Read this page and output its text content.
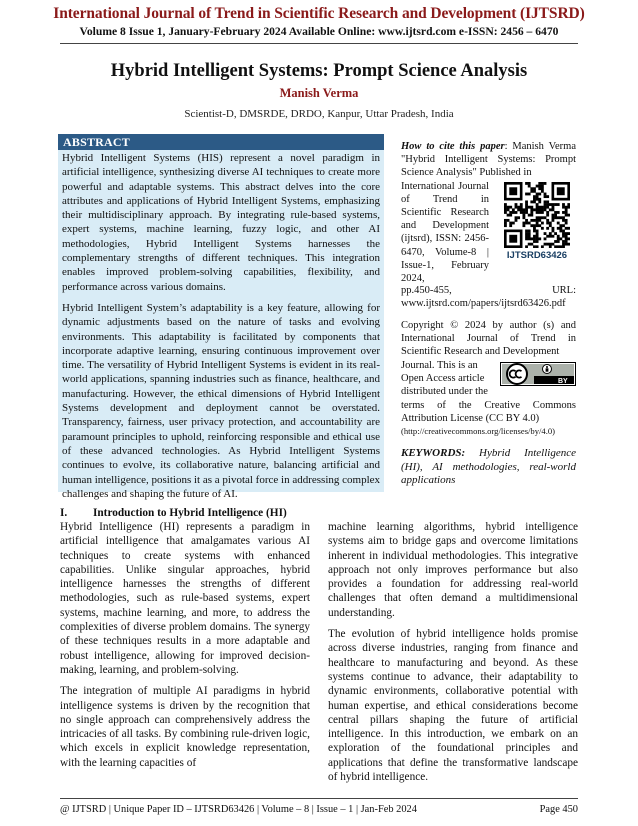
International Journal of Trend in Scientific Research and Development (IJTSRD)
Volume 8 Issue 1, January-February 2024 Available Online: www.ijtsrd.com e-ISSN: 2456 – 6470
Hybrid Intelligent Systems: Prompt Science Analysis
Manish Verma
Scientist-D, DMSRDE, DRDO, Kanpur, Uttar Pradesh, India
ABSTRACT

Hybrid Intelligent Systems (HIS) represent a novel paradigm in artificial intelligence, synthesizing diverse AI techniques to create more powerful and adaptable systems. This abstract delves into the core attributes and applications of Hybrid Intelligent Systems, emphasizing their multidisciplinary approach. By integrating rule-based systems, expert systems, machine learning, fuzzy logic, and other AI methodologies, Hybrid Intelligent Systems harnesses the complementary strengths of different techniques. This integration enables improved problem-solving capabilities, flexibility, and performance across various domains.

Hybrid Intelligent System’s adaptability is a key feature, allowing for dynamic adjustments based on the nature of tasks and evolving environments. This adaptability is facilitated by components that incorporate adaptive learning, ensuring continuous improvement over time. The versatility of Hybrid Intelligent Systems is evident in its real-world applications, spanning industries such as finance, healthcare, and manufacturing. However, the ethical dimensions of Hybrid Intelligent Systems development and deployment cannot be overstated. Transparency, fairness, user privacy protection, and accountability are paramount principles to uphold, reinforcing responsible and ethical use of these advanced technologies. As Hybrid Intelligent Systems continues to evolve, its collaborative nature, balancing artificial and human intelligence, positions it as a pivotal force in addressing complex challenges and shaping the future of AI.

How to cite this paper: Manish Verma "Hybrid Intelligent Systems: Prompt Science Analysis" Published in
International Journal of Trend in Scientific Research and Development (ijtsrd), ISSN: 2456-6470, Volume-8 | Issue-1, February 2024,
IJTSRD63426
pp.450-455, URL: www.ijtsrd.com/papers/ijtsrd63426.pdf
Copyright © 2024 by author (s) and International Journal of Trend in Scientific Research and Development
Journal. This is an Open Access article distributed under the
BY
terms of the Creative Commons Attribution License (CC BY 4.0)
(http://creativecommons.org/licenses/by/4.0)
KEYWORDS: Hybrid Intelligence (HI), AI methodologies, real-world applications
I. Introduction to Hybrid Intelligence (HI)

Hybrid Intelligence (HI) represents a paradigm in artificial intelligence that amalgamates various AI techniques to create systems with enhanced capabilities. Unlike singular approaches, hybrid intelligence harnesses the strengths of different methodologies, such as rule-based systems, expert systems, machine learning, and more, to address the complexities of diverse problem domains. The synergy of these techniques results in a more adaptable and robust intelligence, allowing for improved decision-making, learning, and problem-solving.

The integration of multiple AI paradigms in hybrid intelligence systems is driven by the recognition that no single approach can comprehensively address the intricacies of all tasks. By combining rule-driven logic, which excels in explicit knowledge representation, with the learning capacities of

machine learning algorithms, hybrid intelligence systems aim to bridge gaps and overcome limitations inherent in individual methodologies. This integrative approach not only improves performance but also provides a foundation for addressing real-world challenges that often demand a multidimensional understanding.

The evolution of hybrid intelligence holds promise across diverse industries, ranging from finance and healthcare to manufacturing and beyond. As these systems continue to advance, their adaptability to dynamic environments, collaborative potential with human expertise, and ethical considerations become central pillars shaping the future of artificial intelligence. In this introduction, we embark on an exploration of the foundational principles and applications that define the transformative landscape of hybrid intelligence.

@ IJTSRD | Unique Paper ID – IJTSRD63426 | Volume – 8 | Issue – 1 | Jan-Feb 2024	Page 450
